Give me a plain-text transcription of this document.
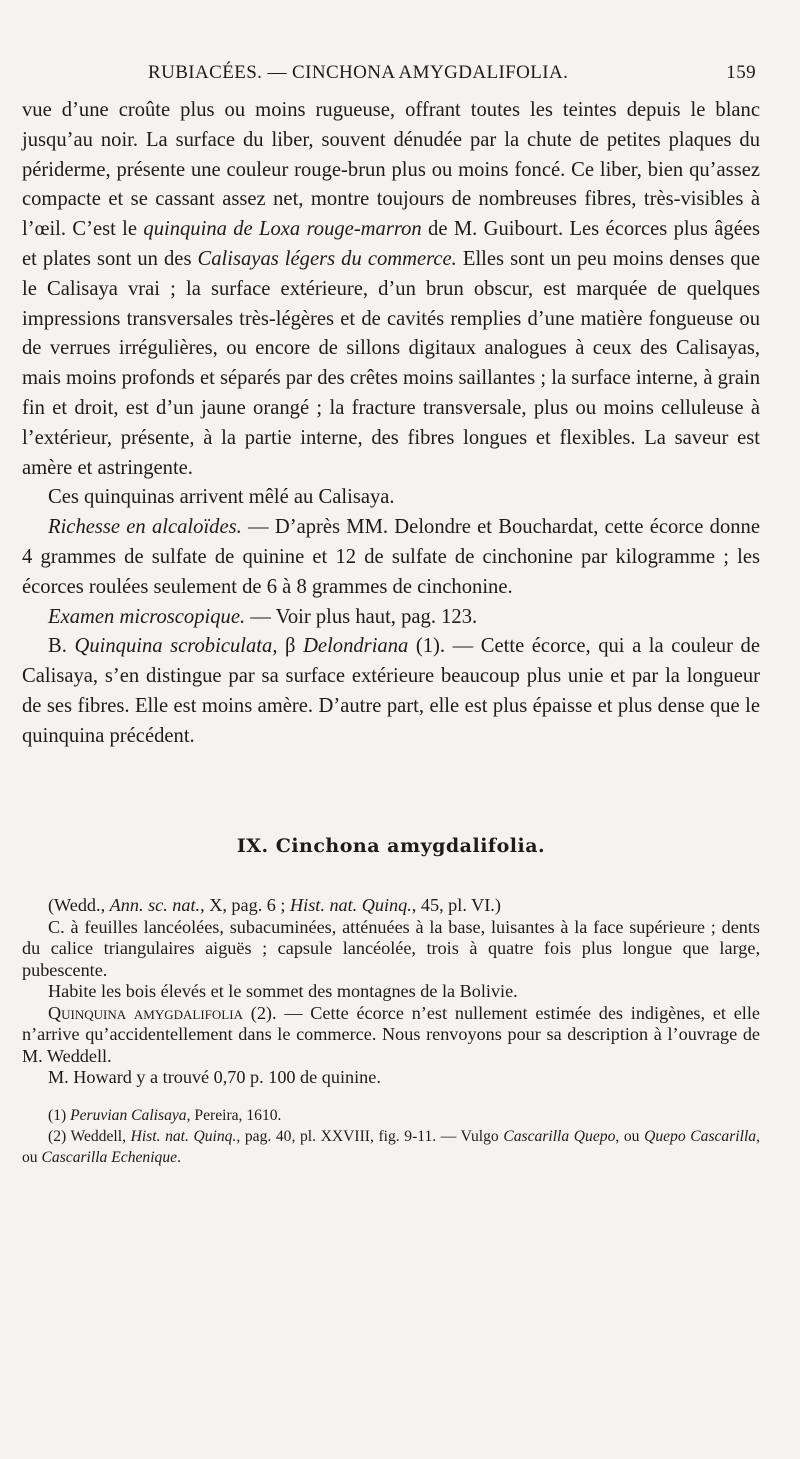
RUBIACÉES. — CINCHONA AMYGDALIFOLIA.	159

vue d’une croûte plus ou moins rugueuse, offrant toutes les teintes depuis le blanc jusqu’au noir. La surface du liber, souvent dénudée par la chute de petites plaques du périderme, présente une couleur rouge-brun plus ou moins foncé. Ce liber, bien qu’assez compacte et se cassant assez net, montre toujours de nombreuses fibres, très-visibles à l’œil. C’est le quinquina de Loxa rouge-marron de M. Guibourt. Les écorces plus âgées et plates sont un des Calisayas légers du commerce. Elles sont un peu moins denses que le Calisaya vrai ; la surface extérieure, d’un brun obscur, est marquée de quelques impressions transversales très-légères et de cavités remplies d’une matière fongueuse ou de verrues irrégulières, ou encore de sillons digitaux analogues à ceux des Calisayas, mais moins profonds et séparés par des crêtes moins saillantes ; la surface interne, à grain fin et droit, est d’un jaune orangé ; la fracture transversale, plus ou moins celluleuse à l’extérieur, présente, à la partie interne, des fibres longues et flexibles. La saveur est amère et astringente.

Ces quinquinas arrivent mêlé au Calisaya.

Richesse en alcaloïdes. — D’après MM. Delondre et Bouchardat, cette écorce donne 4 grammes de sulfate de quinine et 12 de sulfate de cinchonine par kilogramme ; les écorces roulées seulement de 6 à 8 grammes de cinchonine.

Examen microscopique. — Voir plus haut, pag. 123.

B. Quinquina scrobiculata, β Delondriana (1). — Cette écorce, qui a la couleur de Calisaya, s’en distingue par sa surface extérieure beaucoup plus unie et par la longueur de ses fibres. Elle est moins amère. D’autre part, elle est plus épaisse et plus dense que le quinquina précédent.

IX. Cinchona amygdalifolia.

(Wedd., Ann. sc. nat., X, pag. 6 ; Hist. nat. Quinq., 45, pl. VI.)

C. à feuilles lancéolées, subacuminées, atténuées à la base, luisantes à la face supérieure ; dents du calice triangulaires aiguës ; capsule lancéolée, trois à quatre fois plus longue que large, pubescente.

Habite les bois élevés et le sommet des montagnes de la Bolivie.

Quinquina amygdalifolia (2). — Cette écorce n’est nullement estimée des indigènes, et elle n’arrive qu’accidentellement dans le commerce. Nous renvoyons pour sa description à l’ouvrage de M. Weddell.

M. Howard y a trouvé 0,70 p. 100 de quinine.

(1) Peruvian Calisaya, Pereira, 1610.

(2) Weddell, Hist. nat. Quinq., pag. 40, pl. XXVIII, fig. 9-11. — Vulgo Cascarilla Quepo, ou Quepo Cascarilla, ou Cascarilla Echenique.
